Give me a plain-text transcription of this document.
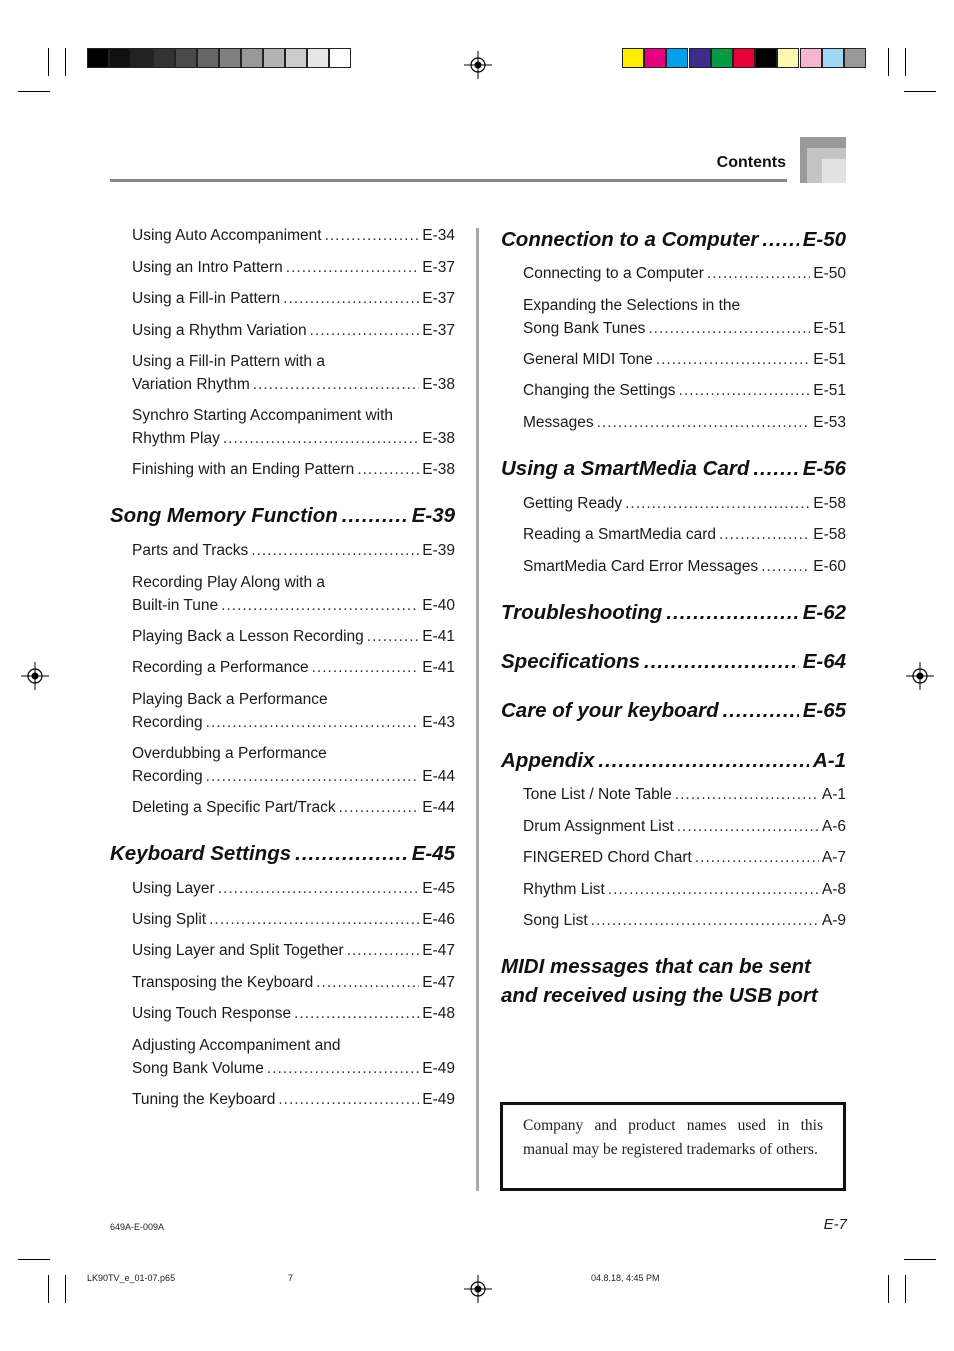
Contents
Using Auto Accompaniment .....	E-34
Using an Intro Pattern .....	E-37
Using a Fill-in Pattern .....	E-37
Using a Rhythm Variation .....	E-37
Using a Fill-in Pattern with a
Variation Rhythm .....	E-38
Synchro Starting Accompaniment with
Rhythm Play .....	E-38
Finishing with an Ending Pattern .....	E-38
Song Memory Function .....	E-39
Parts and Tracks .....	E-39
Recording Play Along with a
Built-in Tune .....	E-40
Playing Back a Lesson Recording .....	E-41
Recording a Performance .....	E-41
Playing Back a Performance
Recording .....	E-43
Overdubbing a Performance
Recording .....	E-44
Deleting a Specific Part/Track .....	E-44
Keyboard Settings .....	E-45
Using Layer .....	E-45
Using Split .....	E-46
Using Layer and Split Together .....	E-47
Transposing the Keyboard .....	E-47
Using Touch Response .....	E-48
Adjusting Accompaniment and
Song Bank Volume .....	E-49
Tuning the Keyboard .....	E-49
Connection to a Computer ..... E-50
Connecting to a Computer .....	E-50
Expanding the Selections in the
Song Bank Tunes .....	E-51
General MIDI Tone .....	E-51
Changing the Settings .....	E-51
Messages .....	E-53
Using a SmartMedia Card .....	E-56
Getting Ready .....	E-58
Reading a SmartMedia card .....	E-58
SmartMedia Card Error Messages .....	E-60
Troubleshooting .....	E-62
Specifications .....	E-64
Care of your keyboard .....	E-65
Appendix .....	A-1
Tone List / Note Table .....	A-1
Drum Assignment List .....	A-6
FINGERED Chord Chart .....	A-7
Rhythm List .....	A-8
Song List .....	A-9
MIDI messages that can be sent
and received using the USB port
Company and product names used in this manual may be registered trademarks of others.
649A-E-009A	E-7
LK90TV_e_01-07.p65	7	04.8.18, 4:45 PM
